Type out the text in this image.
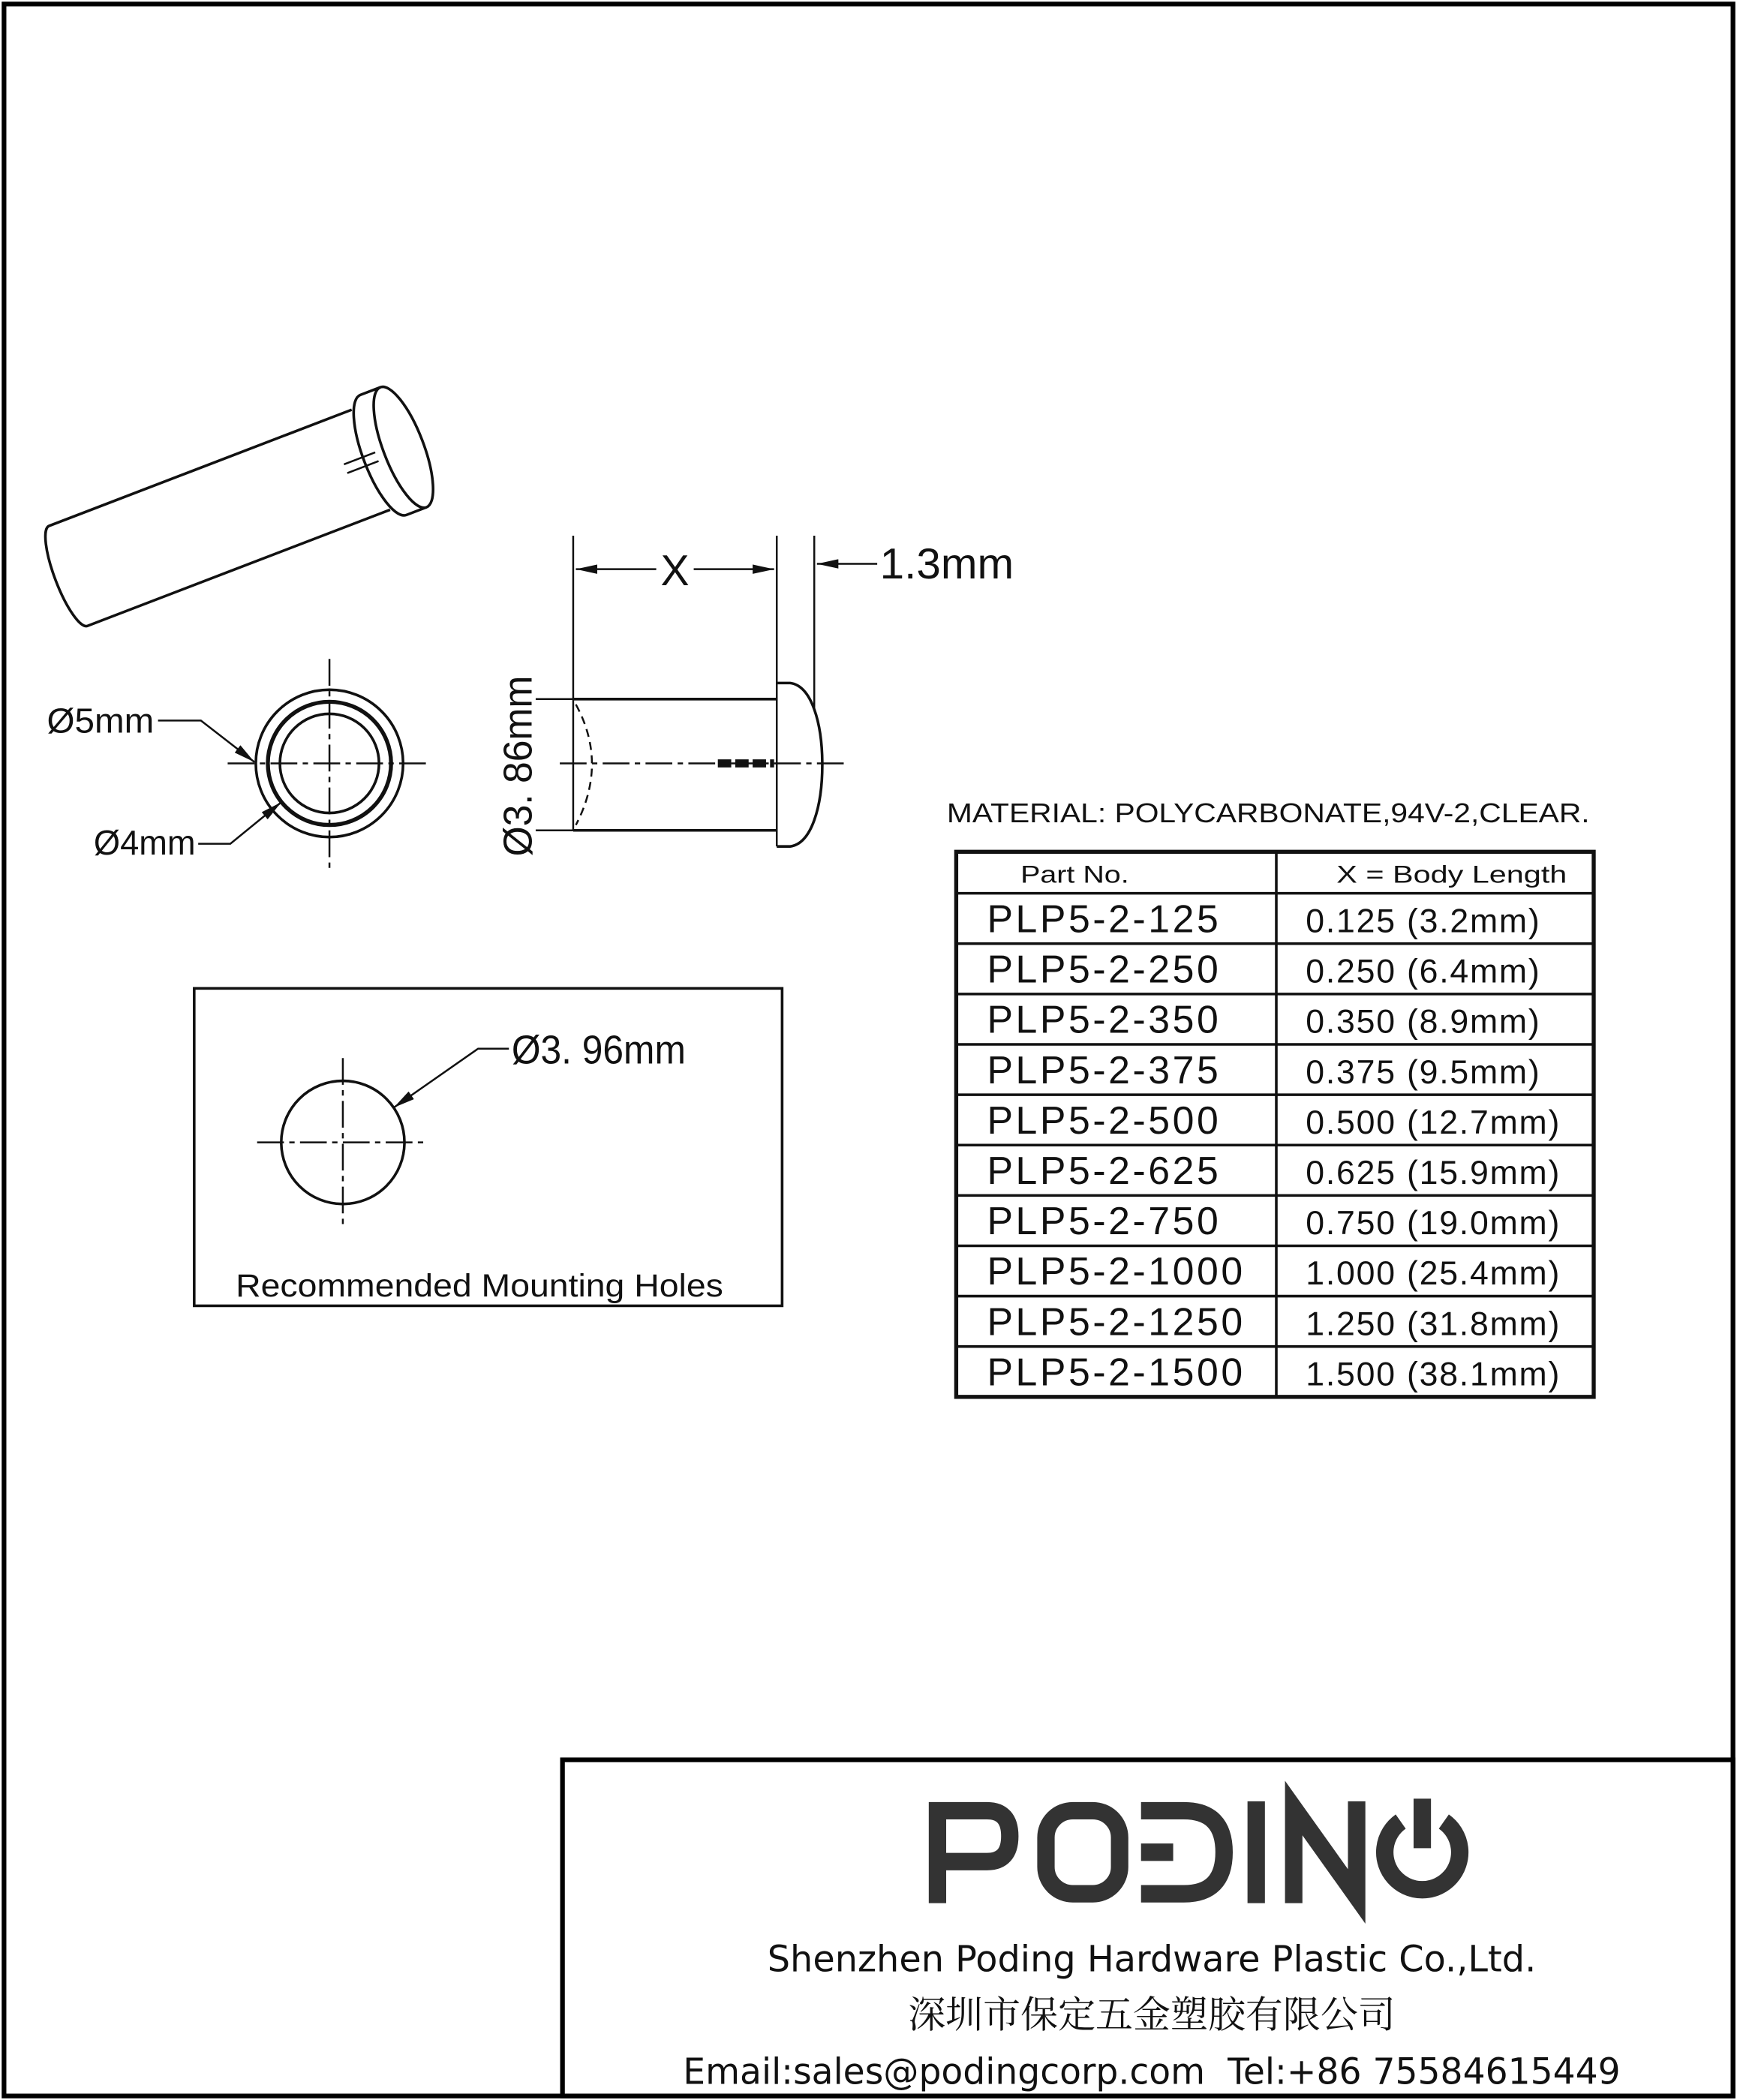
X	1.3mm
Ø3. 86mm
Ø5mm
Ø4mm
Ø3. 96mm
Recommended Mounting Holes
MATERIAL: POLYCARBONATE,94V-2,CLEAR.
Part No.	X = Body Length
PLP5-2-125	0.125 (3.2mm)
PLP5-2-250	0.250 (6.4mm)
PLP5-2-350	0.350 (8.9mm)
PLP5-2-375	0.375 (9.5mm)
PLP5-2-500	0.500 (12.7mm)
PLP5-2-625	0.625 (15.9mm)
PLP5-2-750	0.750 (19.0mm)
PLP5-2-1000	1.000 (25.4mm)
PLP5-2-1250	1.250 (31.8mm)
PLP5-2-1500	1.500 (38.1mm)
Shenzhen Poding Hardware Plastic Co.,Ltd.
深圳市保定五金塑胶有限公司
Email:sales@podingcorp.com  Tel:+86 75584615449
